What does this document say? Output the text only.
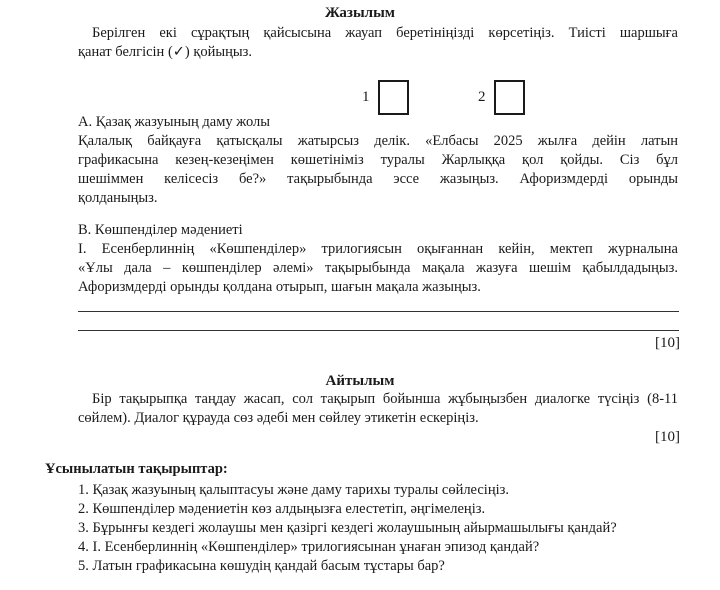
Жазылым
Берілген екі сұрақтың қайсысына жауап беретініңізді көрсетіңіз. Тиісті шаршыға
қанат белгісін (✓) қойыңыз.
1	2
A. Қазақ жазуының даму жолы
Қалалық байқауға қатысқалы жатырсыз делік. «Елбасы 2025 жылға дейін латын
графикасына кезең-кезеңімен көшетініміз туралы Жарлыққа қол қойды. Сіз бұл
шешіммен келісесіз бе?» тақырыбында эссе жазыңыз. Афоризмдерді орынды
қолданыңыз.
B. Көшпенділер мәдениеті
І. Есенберлиннің «Көшпенділер» трилогиясын оқығаннан кейін, мектеп журналына
«Ұлы дала – көшпенділер әлемі» тақырыбында мақала жазуға шешім қабылдадыңыз.
Афоризмдерді орынды қолдана отырып, шағын мақала жазыңыз.
[10]
Айтылым
Бір тақырыпқа таңдау жасап, сол тақырып бойынша жұбыңызбен диалогке түсіңіз (8-11
сөйлем). Диалог құрауда сөз әдебі мен сөйлеу этикетін ескеріңіз.
[10]
Ұсынылатын тақырыптар:
1. Қазақ жазуының қалыптасуы және даму тарихы туралы сөйлесіңіз.
2. Көшпенділер мәдениетін көз алдыңызға елестетіп, әңгімелеңіз.
3. Бұрынғы кездегі жолаушы мен қазіргі кездегі жолаушының айырмашылығы қандай?
4. І. Есенберлиннің «Көшпенділер» трилогиясынан ұнаған эпизод қандай?
5. Латын графикасына көшудің қандай басым тұстары бар?
